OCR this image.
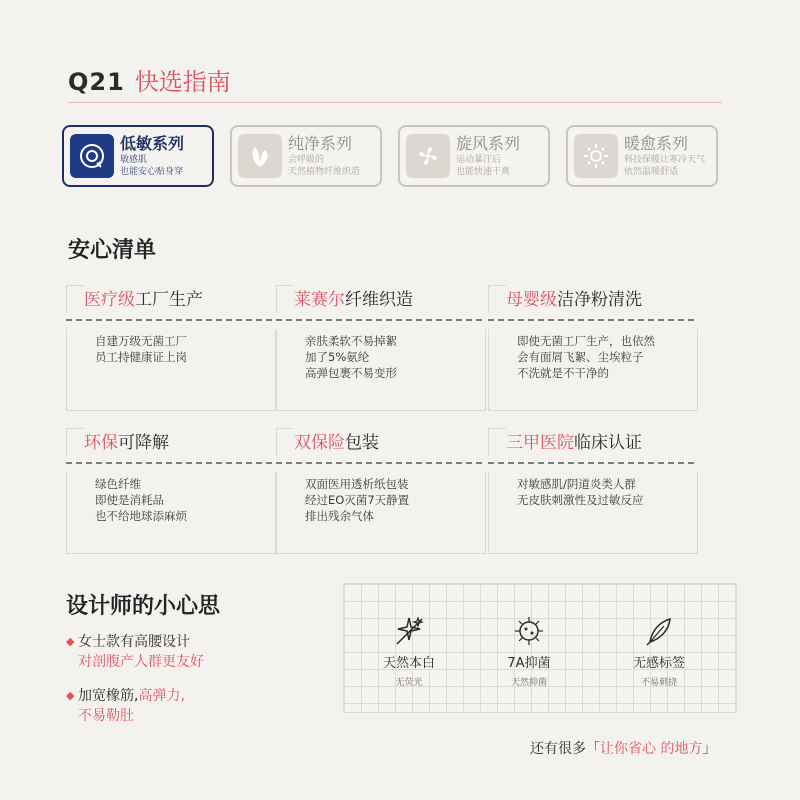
Q21 快选指南
低敏系列
敏感肌
也能安心贴身穿
纯净系列
会呼吸的
天然植物纤维织造
旋风系列
运动暴汗后
也能快速干爽
暖愈系列
科技保暖让寒冷天气
依然温暖舒适
安心清单
医疗级工厂生产
自建万级无菌工厂
员工持健康证上岗
莱赛尔纤维织造
亲肤柔软不易掉絮
加了5%氨纶
高弹包裹不易变形
母婴级洁净粉清洗
即使无菌工厂生产，也依然
会有面屑飞絮、尘埃粒子
不洗就是不干净的
环保可降解
绿色纤维
即使是消耗品
也不给地球添麻烦
双保险包装
双面医用透析纸包装
经过EO灭菌7天静置
排出残余气体
三甲医院临床认证
对敏感肌/阴道炎类人群
无皮肤刺激性及过敏反应
设计师的小心思
◆ 女士款有高腰设计
对剖腹产人群更友好
◆ 加宽橡筋,高弹力,
不易勒肚
天然本白
无荧光
7A抑菌
天然抑菌
无感标签
不易刺挠
还有很多「让你省心 的地方」
